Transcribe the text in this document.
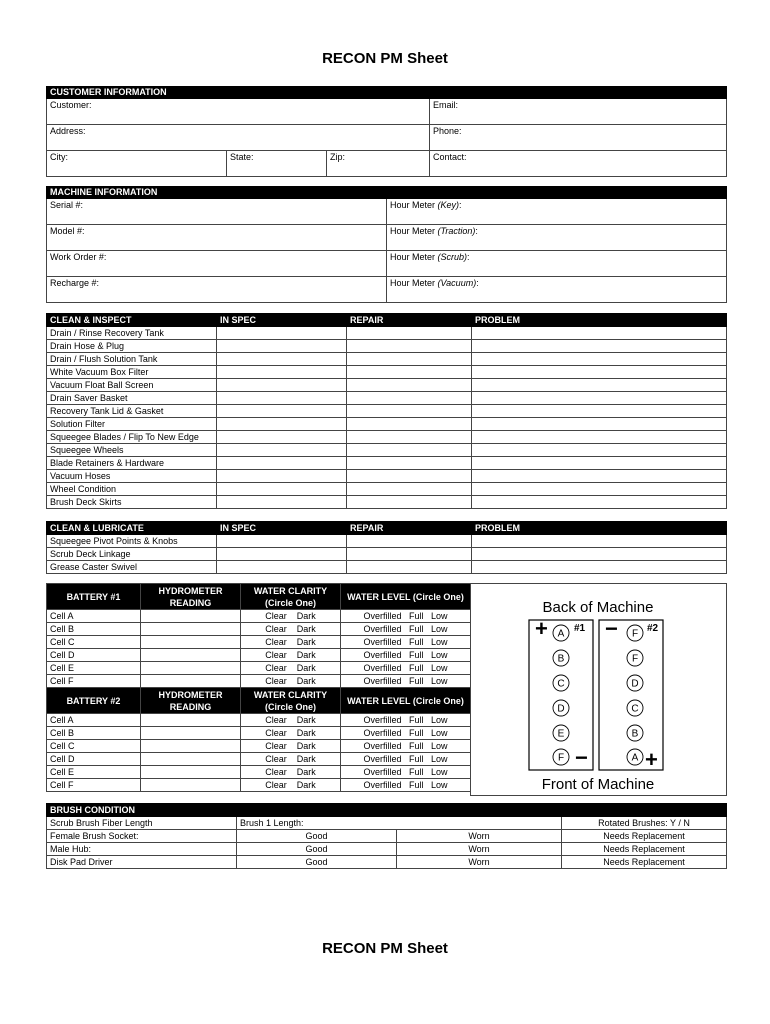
RECON PM Sheet
CUSTOMER INFORMATION			
Customer:			Email:
Address:			Phone:
City:	State:	Zip:	Contact:
MACHINE INFORMATION	
Serial #:	Hour Meter (Key):
Model #:	Hour Meter (Traction):
Work Order #:	Hour Meter (Scrub):
Recharge #:	Hour Meter (Vacuum):
CLEAN & INSPECT	IN SPEC	REPAIR	PROBLEM
Drain / Rinse Recovery Tank			
Drain Hose & Plug			
Drain / Flush Solution Tank			
White Vacuum Box Filter			
Vacuum Float Ball Screen			
Drain Saver Basket			
Recovery Tank Lid & Gasket			
Solution Filter			
Squeegee Blades / Flip To New Edge			
Squeegee Wheels			
Blade Retainers & Hardware			
Vacuum Hoses			
Wheel Condition			
Brush Deck Skirts			
CLEAN & LUBRICATE	IN SPEC	REPAIR	PROBLEM
Squeegee Pivot Points & Knobs			
Scrub Deck Linkage			
Grease Caster Swivel			
BATTERY #1	HYDROMETER READING	WATER CLARITY (Circle One)	WATER LEVEL (Circle One)
Cell A		Clear Dark	Overfilled Full Low
Cell B		Clear Dark	Overfilled Full Low
Cell C		Clear Dark	Overfilled Full Low
Cell D		Clear Dark	Overfilled Full Low
Cell E		Clear Dark	Overfilled Full Low
Cell F		Clear Dark	Overfilled Full Low
BATTERY #2	HYDROMETER READING	WATER CLARITY (Circle One)	WATER LEVEL (Circle One)
Cell A		Clear Dark	Overfilled Full Low
Cell B		Clear Dark	Overfilled Full Low
Cell C		Clear Dark	Overfilled Full Low
Cell D		Clear Dark	Overfilled Full Low
Cell E		Clear Dark	Overfilled Full Low
Cell F		Clear Dark	Overfilled Full Low
Back of Machine
Front of Machine
+	#1 −	#2
−	+
A	F
B	F
C	D
D	C
E	B
F	A
BRUSH CONDITION			
Scrub Brush Fiber Length	Brush 1 Length:		Rotated Brushes: Y / N
Female Brush Socket:	Good	Worn	Needs Replacement
Male Hub:	Good	Worn	Needs Replacement
Disk Pad Driver	Good	Worn	Needs Replacement
RECON PM Sheet
